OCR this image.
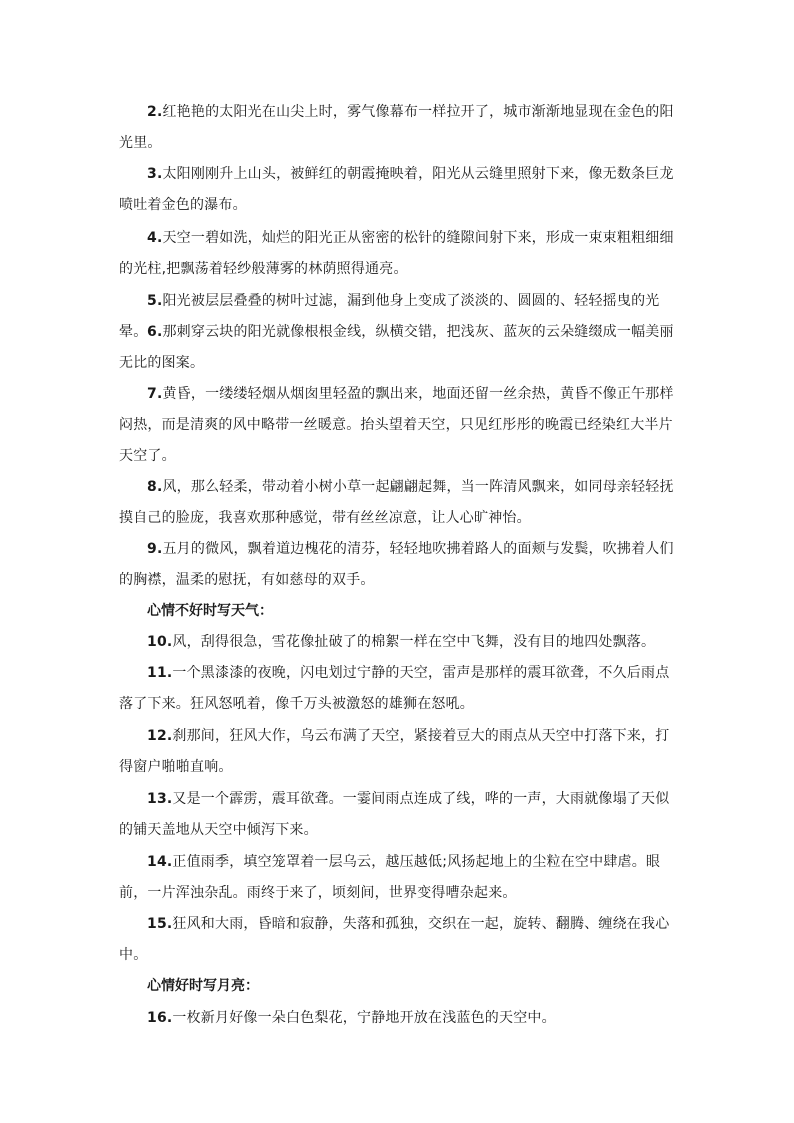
2.红艳艳的太阳光在山尖上时，雾气像幕布一样拉开了，城市渐渐地显现在金色的阳光里。

3.太阳刚刚升上山头，被鲜红的朝霞掩映着，阳光从云缝里照射下来，像无数条巨龙喷吐着金色的瀑布。

4.天空一碧如洗，灿烂的阳光正从密密的松针的缝隙间射下来，形成一束束粗粗细细的光柱,把飘荡着轻纱般薄雾的林荫照得通亮。

5.阳光被层层叠叠的树叶过滤，漏到他身上变成了淡淡的、圆圆的、轻轻摇曳的光晕。 6.那刺穿云块的阳光就像根根金线，纵横交错，把浅灰、蓝灰的云朵缝缀成一幅美丽无比的图案。

7.黄昏，一缕缕轻烟从烟囱里轻盈的飘出来，地面还留一丝余热，黄昏不像正午那样闷热，而是清爽的风中略带一丝暖意。抬头望着天空，只见红彤彤的晚霞已经染红大半片天空了。

8.风，那么轻柔，带动着小树小草一起翩翩起舞，当一阵清风飘来，如同母亲轻轻抚摸自己的脸庞，我喜欢那种感觉，带有丝丝凉意，让人心旷神怡。

9.五月的微风，飘着道边槐花的清芬，轻轻地吹拂着路人的面颊与发鬓，吹拂着人们的胸襟，温柔的慰抚，有如慈母的双手。

心情不好时写天气：

10.风，刮得很急，雪花像扯破了的棉絮一样在空中飞舞，没有目的地四处飘落。

11.一个黑漆漆的夜晚，闪电划过宁静的天空，雷声是那样的震耳欲聋，不久后雨点落了下来。狂风怒吼着，像千万头被激怒的雄狮在怒吼。

12.刹那间，狂风大作，乌云布满了天空，紧接着豆大的雨点从天空中打落下来，打得窗户啪啪直响。

13.又是一个霹雳，震耳欲聋。一霎间雨点连成了线，哗的一声，大雨就像塌了天似的铺天盖地从天空中倾泻下来。

14.正值雨季，填空笼罩着一层乌云，越压越低;风扬起地上的尘粒在空中肆虐。眼前，一片浑浊杂乱。雨终于来了，顷刻间，世界变得嘈杂起来。

15.狂风和大雨，昏暗和寂静，失落和孤独，交织在一起，旋转、翻腾、缠绕在我心中。

心情好时写月亮：

16.一枚新月好像一朵白色梨花，宁静地开放在浅蓝色的天空中。
